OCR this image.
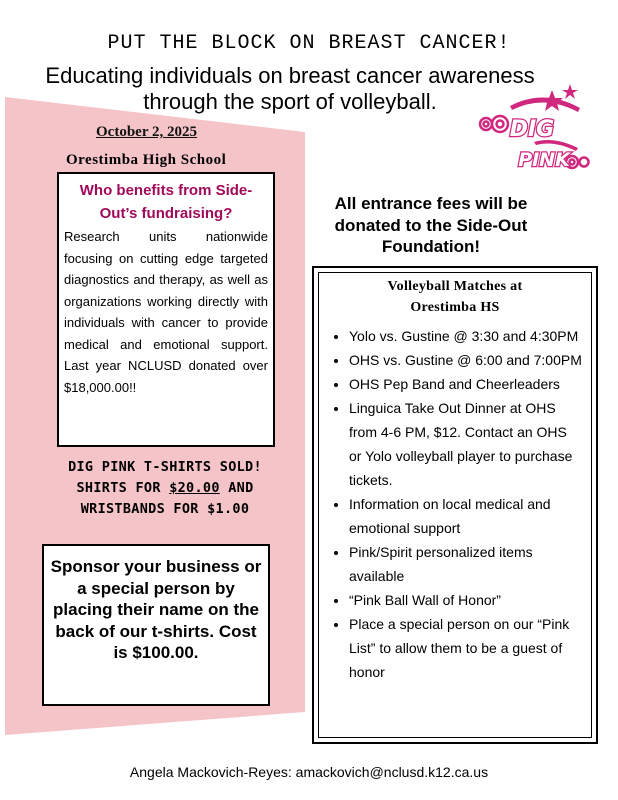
PUT THE BLOCK ON BREAST CANCER!
Educating individuals on breast cancer awareness through the sport of volleyball.
DIG
PINK
October 2, 2025
Orestimba High School
Who benefits from Side-Out’s fundraising?
Research units nationwide focusing on cutting edge targeted diagnostics and therapy, as well as organizations working directly with individuals with cancer to provide medical and emotional support. Last year NCLUSD donated over $18,000.00!!
DIG PINK T-SHIRTS SOLD!
SHIRTS FOR $20.00 AND
WRISTBANDS FOR $1.00
Sponsor your business or a special person by placing their name on the back of our t-shirts. Cost is $100.00.
All entrance fees will be donated to the Side-Out Foundation!
Volleyball Matches at
Orestimba HS
• Yolo vs. Gustine @ 3:30 and 4:30PM
• OHS vs. Gustine @ 6:00 and 7:00PM
• OHS Pep Band and Cheerleaders
• Linguica Take Out Dinner at OHS from 4-6 PM, $12. Contact an OHS or Yolo volleyball player to purchase tickets.
• Information on local medical and emotional support
• Pink/Spirit personalized items available
• “Pink Ball Wall of Honor”
• Place a special person on our “Pink List” to allow them to be a guest of honor
Angela Mackovich-Reyes: amackovich@nclusd.k12.ca.us
